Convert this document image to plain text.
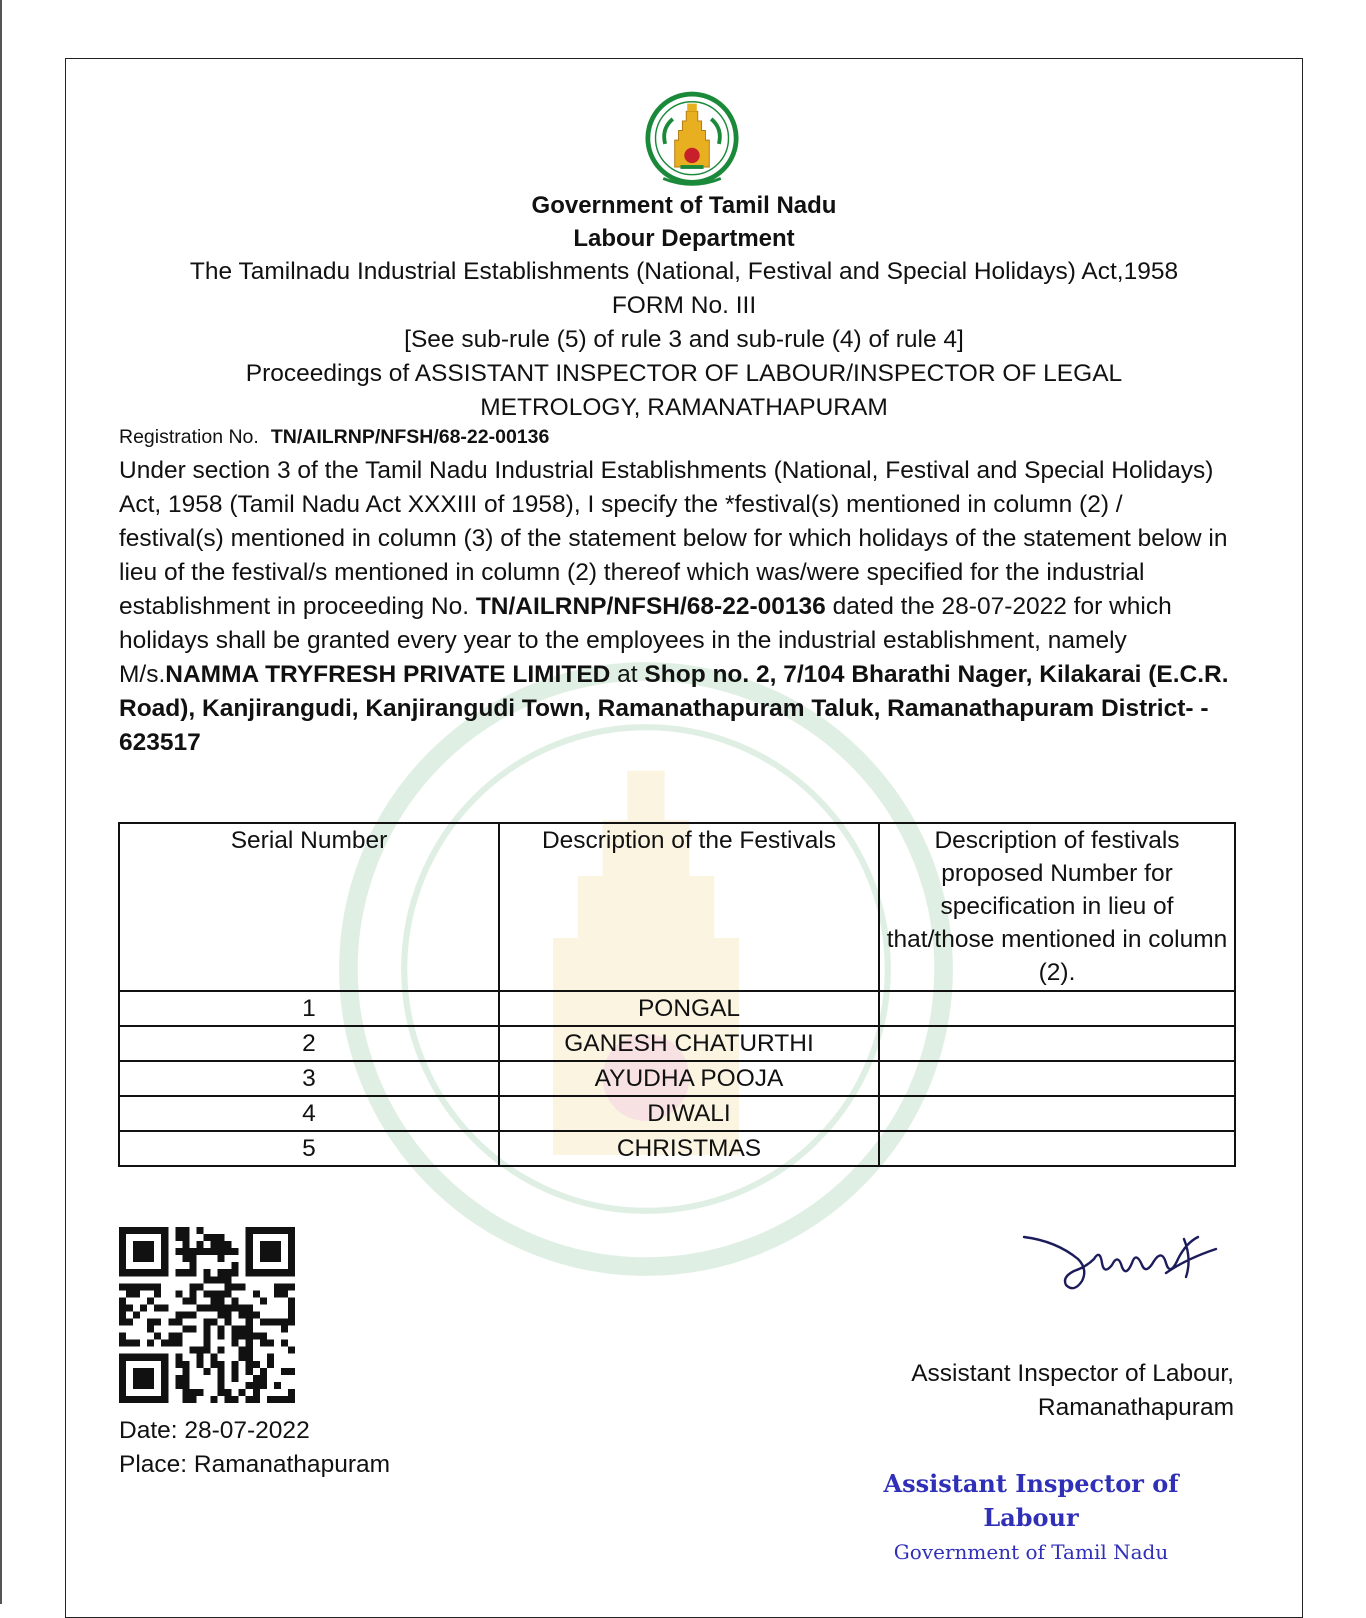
Government of Tamil Nadu
Labour Department
The Tamilnadu Industrial Establishments (National, Festival and Special Holidays) Act,1958
FORM No. III
[See sub-rule (5) of rule 3 and sub-rule (4) of rule 4]
Proceedings of ASSISTANT INSPECTOR OF LABOUR/INSPECTOR OF LEGAL
METROLOGY, RAMANATHAPURAM
Registration No. TN/AILRNP/NFSH/68-22-00136
Under section 3 of the Tamil Nadu Industrial Establishments (National, Festival and Special Holidays) Act, 1958 (Tamil Nadu Act XXXIII of 1958), I specify the *festival(s) mentioned in column (2) / festival(s) mentioned in column (3) of the statement below for which holidays of the statement below in lieu of the festival/s mentioned in column (2) thereof which was/were specified for the industrial establishment in proceeding No. TN/AILRNP/NFSH/68-22-00136 dated the 28-07-2022 for which holidays shall be granted every year to the employees in the industrial establishment, namely M/s.NAMMA TRYFRESH PRIVATE LIMITED at Shop no. 2, 7/104 Bharathi Nager, Kilakarai (E.C.R. Road), Kanjirangudi, Kanjirangudi Town, Ramanathapuram Taluk, Ramanathapuram District- - 623517
Serial Number	Description of the Festivals	Description of festivals proposed Number for specification in lieu of that/those mentioned in column (2).
1	PONGAL	
2	GANESH CHATURTHI	
3	AYUDHA POOJA	
4	DIWALI	
5	CHRISTMAS	
Date: 28-07-2022
Place: Ramanathapuram
Assistant Inspector of Labour,
Ramanathapuram
Assistant Inspector of Labour
Government of Tamil Nadu
